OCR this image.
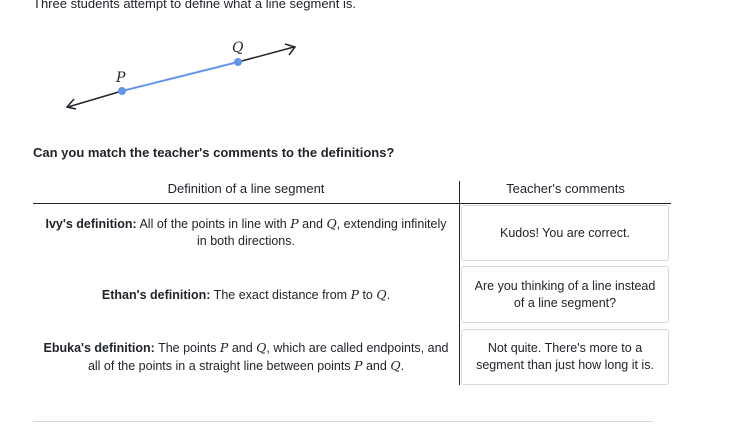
Three students attempt to define what a line segment is.
P
Q
Can you match the teacher's comments to the definitions?
Definition of a line segment	Teacher's comments
Ivy's definition: All of the points in line with P and Q, extending infinitely in both directions.
Ethan's definition: The exact distance from P to Q.
Ebuka's definition: The points P and Q, which are called endpoints, and all of the points in a straight line between points P and Q.
Kudos! You are correct.
Are you thinking of a line instead of a line segment?
Not quite. There's more to a segment than just how long it is.
